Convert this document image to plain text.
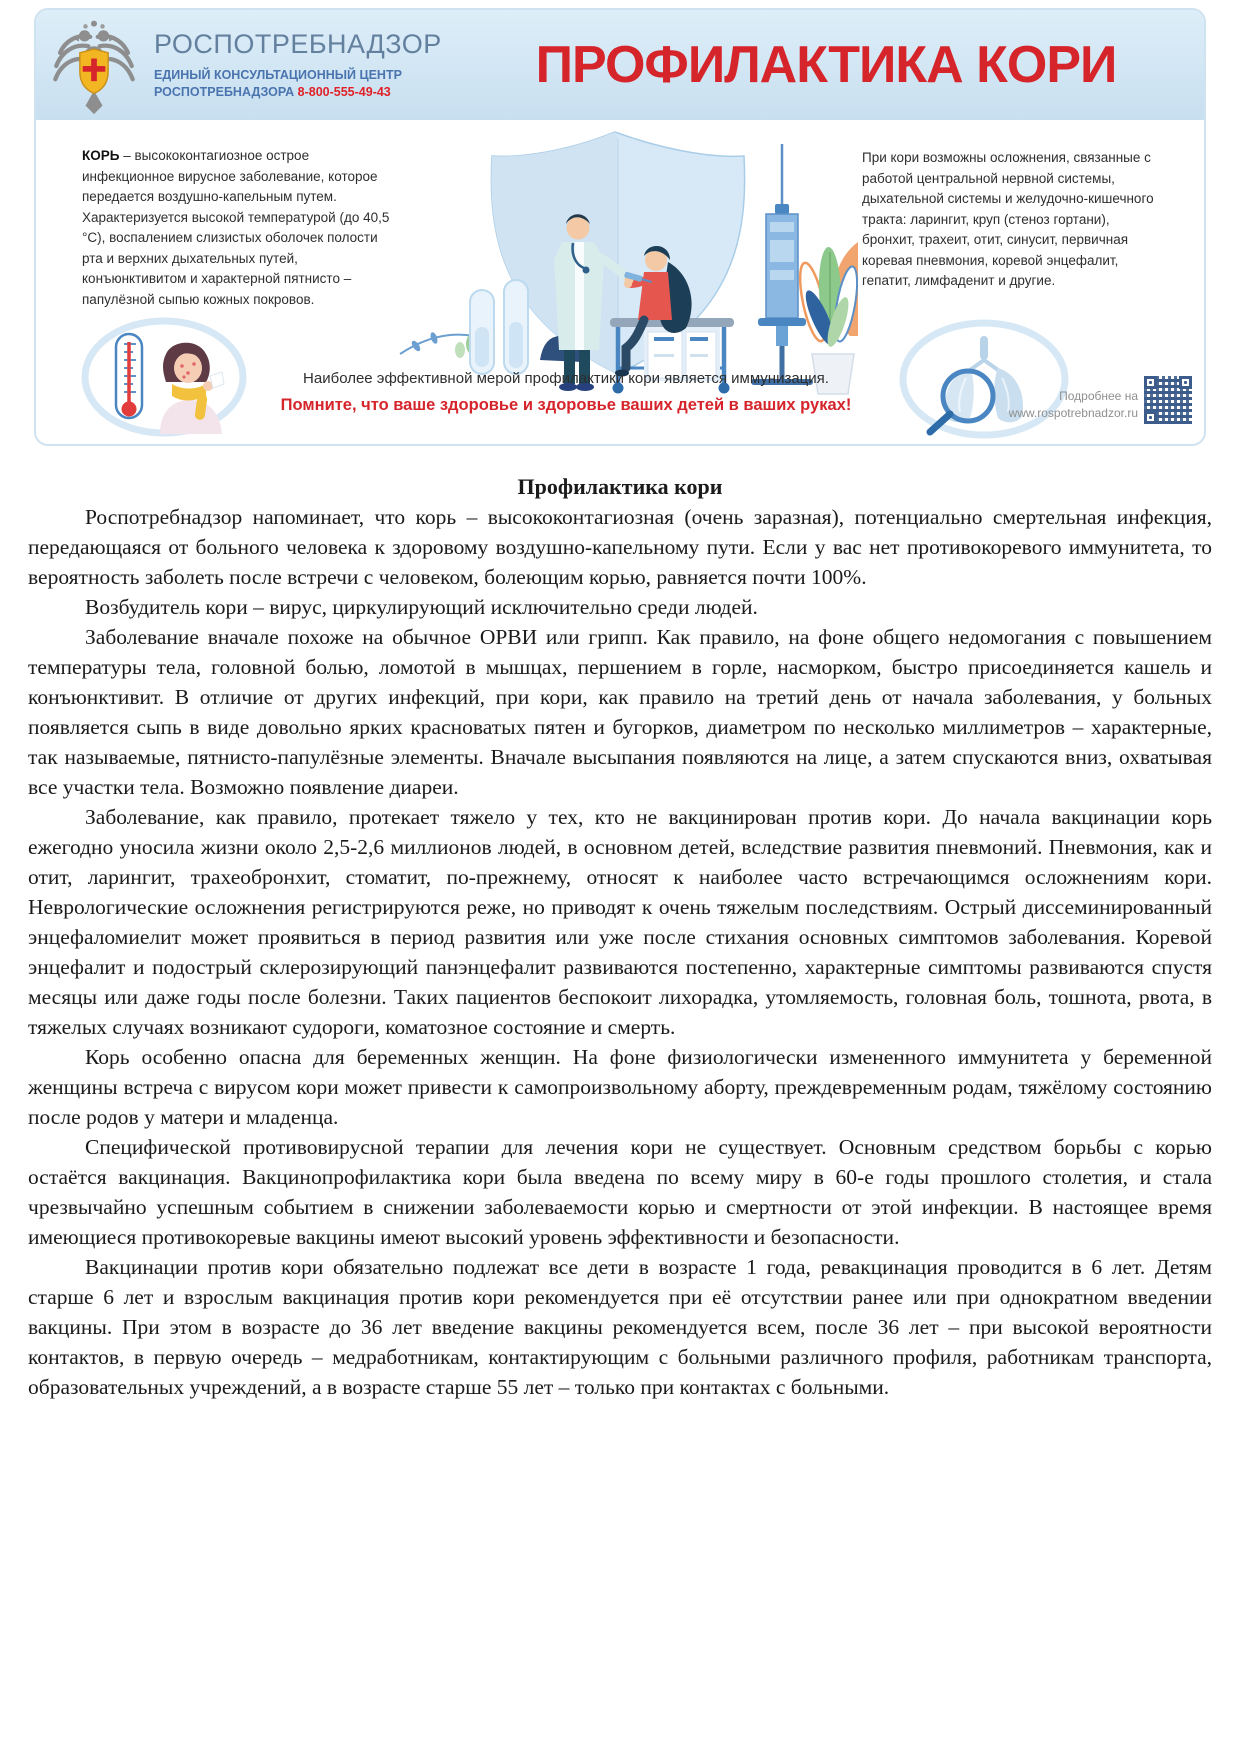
РОСПОТРЕБНАДЗОР
ЕДИНЫЙ КОНСУЛЬТАЦИОННЫЙ ЦЕНТР
РОСПОТРЕБНАДЗОРА 8-800-555-49-43	ПРОФИЛАКТИКА КОРИ
КОРЬ – высококонтагиозное острое инфекционное вирусное заболевание, которое передается воздушно-капельным путем. Характеризуется высокой температурой (до 40,5 °С), воспалением слизистых оболочек полости рта и верхних дыхательных путей, конъюнктивитом и характерной пятнисто – папулёзной сыпью кожных покровов.
При кори возможны осложнения, связанные с работой центральной нервной системы, дыхательной системы и желудочно-кишечного тракта: ларингит, круп (стеноз гортани), бронхит, трахеит, отит, синусит, первичная коревая пневмония, коревой энцефалит, гепатит, лимфаденит и другие.
Наиболее эффективной мерой профилактики кори является иммунизация.
Помните, что ваше здоровье и здоровье ваших детей в ваших руках!	Подробнее на
www.rospotrebnadzor.ru

Профилактика кори

Роспотребнадзор напоминает, что корь – высококонтагиозная (очень заразная), потенциально смертельная инфекция, передающаяся от больного человека к здоровому воздушно-капельному пути. Если у вас нет противокоревого иммунитета, то вероятность заболеть после встречи с человеком, болеющим корью, равняется почти 100%.

Возбудитель кори – вирус, циркулирующий исключительно среди людей.

Заболевание вначале похоже на обычное ОРВИ или грипп. Как правило, на фоне общего недомогания с повышением температуры тела, головной болью, ломотой в мышцах, першением в горле, насморком, быстро присоединяется кашель и конъюнктивит. В отличие от других инфекций, при кори, как правило на третий день от начала заболевания, у больных появляется сыпь в виде довольно ярких красноватых пятен и бугорков, диаметром по несколько миллиметров – характерные, так называемые, пятнисто-папулёзные элементы. Вначале высыпания появляются на лице, а затем спускаются вниз, охватывая все участки тела. Возможно появление диареи.

Заболевание, как правило, протекает тяжело у тех, кто не вакцинирован против кори. До начала вакцинации корь ежегодно уносила жизни около 2,5-2,6 миллионов людей, в основном детей, вследствие развития пневмоний. Пневмония, как и отит, ларингит, трахеобронхит, стоматит, по-прежнему, относят к наиболее часто встречающимся осложнениям кори. Неврологические осложнения регистрируются реже, но приводят к очень тяжелым последствиям. Острый диссеминированный энцефаломиелит может проявиться в период развития или уже после стихания основных симптомов заболевания. Коревой энцефалит и подострый склерозирующий панэнцефалит развиваются постепенно, характерные симптомы развиваются спустя месяцы или даже годы после болезни. Таких пациентов беспокоит лихорадка, утомляемость, головная боль, тошнота, рвота, в тяжелых случаях возникают судороги, коматозное состояние и смерть.

Корь особенно опасна для беременных женщин. На фоне физиологически измененного иммунитета у беременной женщины встреча с вирусом кори может привести к самопроизвольному аборту, преждевременным родам, тяжёлому состоянию после родов у матери и младенца.

Специфической противовирусной терапии для лечения кори не существует. Основным средством борьбы с корью остаётся вакцинация. Вакцинопрофилактика кори была введена по всему миру в 60-е годы прошлого столетия, и стала чрезвычайно успешным событием в снижении заболеваемости корью и смертности от этой инфекции. В настоящее время имеющиеся противокоревые вакцины имеют высокий уровень эффективности и безопасности.

Вакцинации против кори обязательно подлежат все дети в возрасте 1 года, ревакцинация проводится в 6 лет. Детям старше 6 лет и взрослым вакцинация против кори рекомендуется при её отсутствии ранее или при однократном введении вакцины. При этом в возрасте до 36 лет введение вакцины рекомендуется всем, после 36 лет – при высокой вероятности контактов, в первую очередь – медработникам, контактирующим с больными различного профиля, работникам транспорта, образовательных учреждений, а в возрасте старше 55 лет – только при контактах с больными.
